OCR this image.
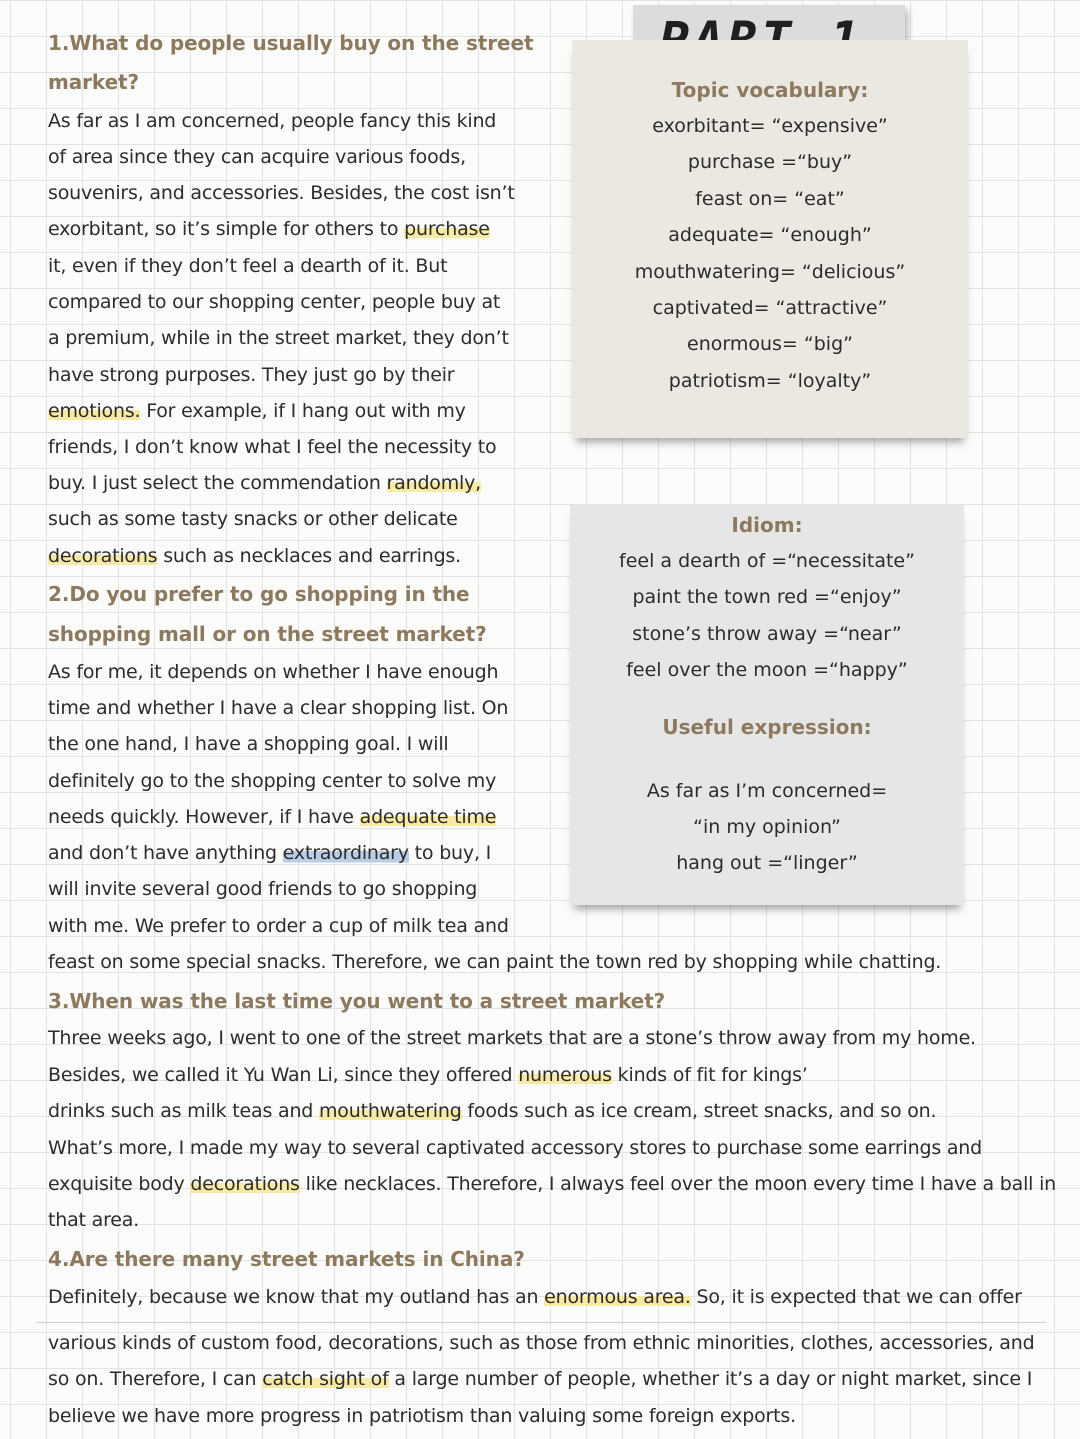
Topic vocabulary:
exorbitant= “expensive”
purchase =“buy”
feast on= “eat”
adequate= “enough”
mouthwatering= “delicious”
captivated= “attractive”
enormous= “big”
patriotism= “loyalty”
Idiom:
feel a dearth of =“necessitate”
paint the town red =“enjoy”
stone’s throw away =“near”
feel over the moon =“happy”
Useful expression:
As far as I’m concerned=
“in my opinion”
hang out =“linger”
1.What do people usually buy on the street
market?
As far as I am concerned, people fancy this kind
of area since they can acquire various foods,
souvenirs, and accessories. Besides, the cost isn’t
exorbitant, so it’s simple for others to purchase
it, even if they don’t feel a dearth of it. But
compared to our shopping center, people buy at
a premium, while in the street market, they don’t
have strong purposes. They just go by their
emotions. For example, if I hang out with my
friends, I don’t know what I feel the necessity to
buy. I just select the commendation randomly,
such as some tasty snacks or other delicate
decorations such as necklaces and earrings.
2.Do you prefer to go shopping in the
shopping mall or on the street market?
As for me, it depends on whether I have enough
time and whether I have a clear shopping list. On
the one hand, I have a shopping goal. I will
definitely go to the shopping center to solve my
needs quickly. However, if I have adequate time
and don’t have anything extraordinary to buy, I
will invite several good friends to go shopping
with me. We prefer to order a cup of milk tea and
feast on some special snacks. Therefore, we can paint the town red by shopping while chatting.
3.When was the last time you went to a street market?
Three weeks ago, I went to one of the street markets that are a stone’s throw away from my home.
Besides, we called it Yu Wan Li, since they offered numerous kinds of fit for kings’
drinks such as milk teas and mouthwatering foods such as ice cream, street snacks, and so on.
What’s more, I made my way to several captivated accessory stores to purchase some earrings and
exquisite body decorations like necklaces. Therefore, I always feel over the moon every time I have a ball in
that area.
4.Are there many street markets in China?
Definitely, because we know that my outland has an enormous area. So, it is expected that we can offer
various kinds of custom food, decorations, such as those from ethnic minorities, clothes, accessories, and
so on. Therefore, I can catch sight of a large number of people, whether it’s a day or night market, since I
believe we have more progress in patriotism than valuing some foreign exports.
